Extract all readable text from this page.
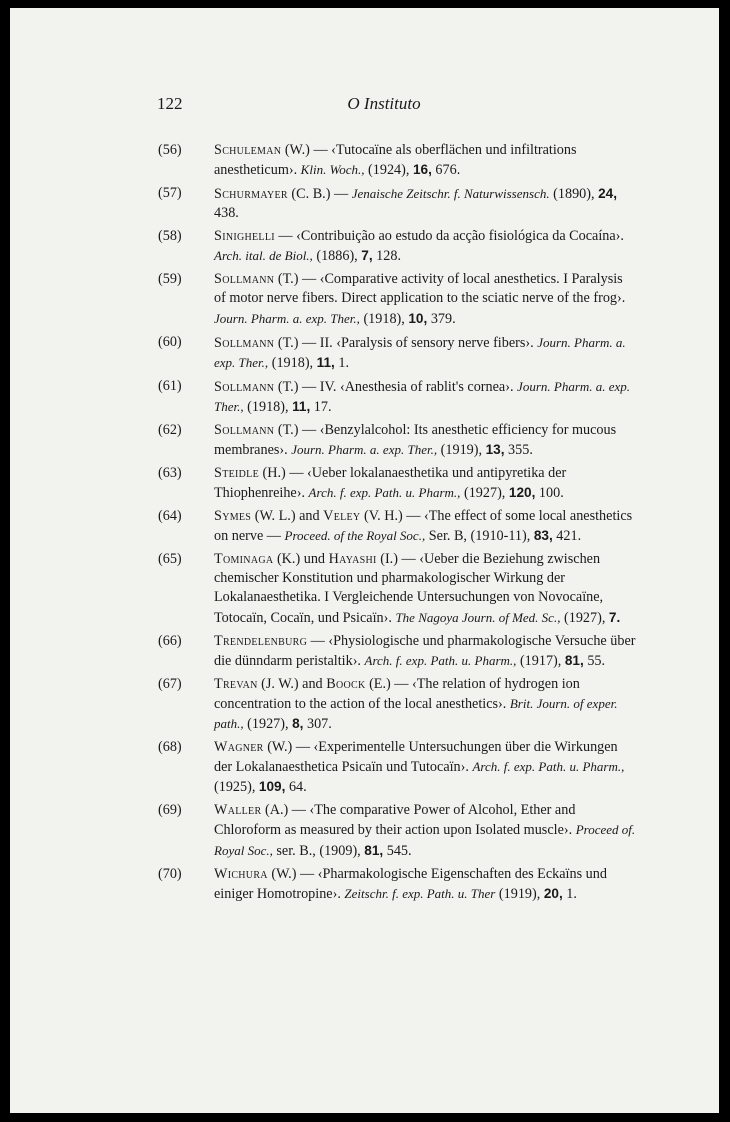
122	O Instituto
(56) Schuleman (W.) — ‹Tutocaïne als oberflächen und infiltrations anestheticum›. Klin. Woch., (1924), 16, 676.
(57) Schurmayer (C. B.) — Jenaische Zeitschr. f. Naturwissensch. (1890), 24, 438.
(58) Sinighelli — ‹Contribuição ao estudo da acção fisiológica da Cocaína›. Arch. ital. de Biol., (1886), 7, 128.
(59) Sollmann (T.) — ‹Comparative activity of local anesthetics. I Paralysis of motor nerve fibers. Direct application to the sciatic nerve of the frog›. Journ. Pharm. a. exp. Ther., (1918), 10, 379.
(60) Sollmann (T.) — II. ‹Paralysis of sensory nerve fibers›. Journ. Pharm. a. exp. Ther., (1918), 11, 1.
(61) Sollmann (T.) — IV. ‹Anesthesia of rablit's cornea›. Journ. Pharm. a. exp. Ther., (1918), 11, 17.
(62) Sollmann (T.) — ‹Benzylalcohol: Its anesthetic efficiency for mucous membranes›. Journ. Pharm. a. exp. Ther., (1919), 13, 355.
(63) Steidle (H.) — ‹Ueber lokalanaesthetika und antipyretika der Thiophenreihe›. Arch. f. exp. Path. u. Pharm., (1927), 120, 100.
(64) Symes (W. L.) and Veley (V. H.) — ‹The effect of some local anesthetics on nerve — Proceed. of the Royal Soc., Ser. B, (1910-11), 83, 421.
(65) Tominaga (K.) und Hayashi (I.) — ‹Ueber die Beziehung zwischen chemischer Konstitution und pharmakologischer Wirkung der Lokalanaesthetika. I Vergleichende Untersuchungen von Novocaïne, Totocaïn, Cocaïn, und Psicaïn›. The Nagoya Journ. of Med. Sc., (1927), 7.
(66) Trendelenburg — ‹Physiologische und pharmakologische Versuche über die dünndarm peristaltik›. Arch. f. exp. Path. u. Pharm., (1917), 81, 55.
(67) Trevan (J. W.) and Boock (E.) — ‹The relation of hydrogen ion concentration to the action of the local anesthetics›. Brit. Journ. of exper. path., (1927), 8, 307.
(68) Wagner (W.) — ‹Experimentelle Untersuchungen über die Wirkungen der Lokalanaesthetica Psicaïn und Tutocaïn›. Arch. f. exp. Path. u. Pharm., (1925), 109, 64.
(69) Waller (A.) — ‹The comparative Power of Alcohol, Ether and Chloroform as measured by their action upon Isolated muscle›. Proceed of. Royal Soc., ser. B., (1909), 81, 545.
(70) Wichura (W.) — ‹Pharmakologische Eigenschaften des Eckaïns und einiger Homotropine›. Zeitschr. f. exp. Path. u. Ther (1919), 20, 1.
